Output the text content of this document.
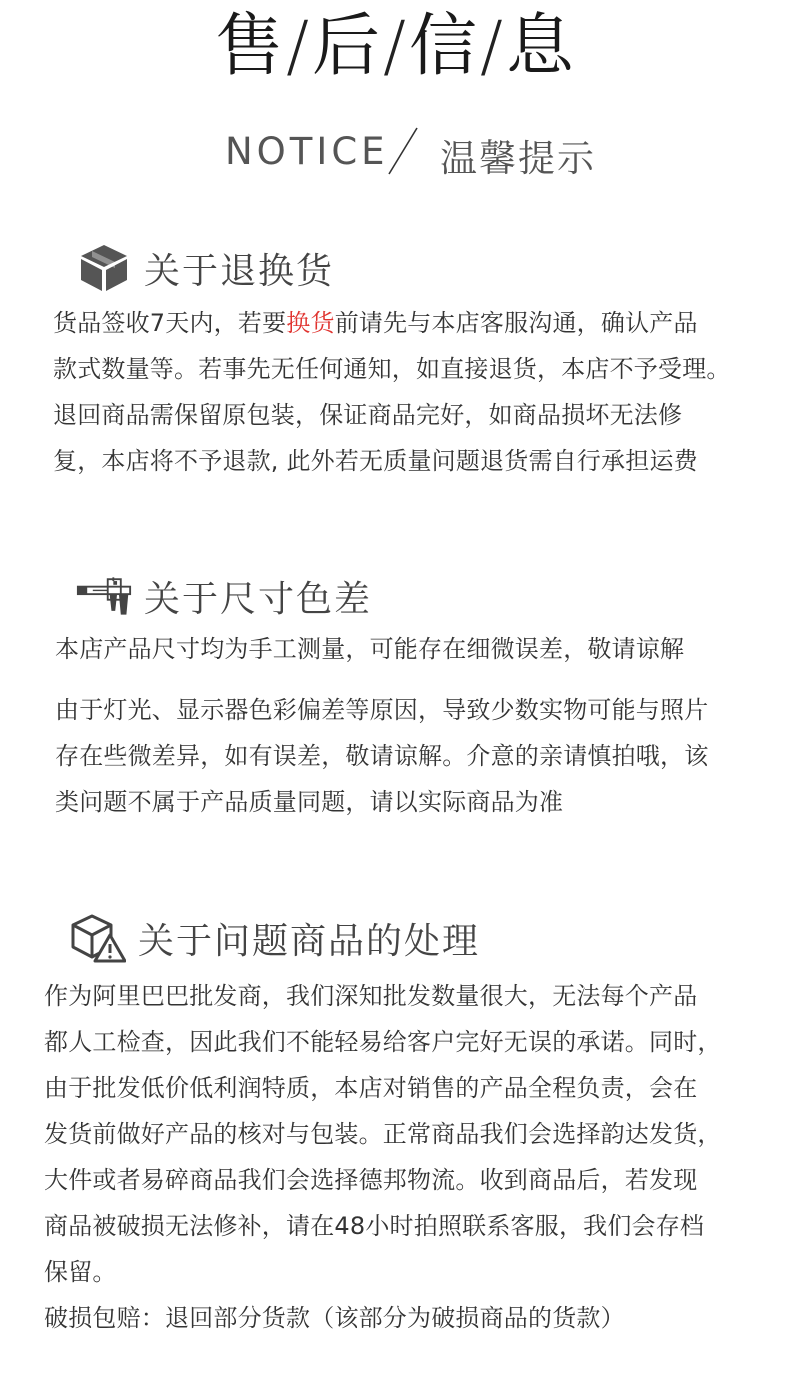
售/后/信/息
NOTICE 温馨提示
关于退换货
货品签收7天内，若要换货前请先与本店客服沟通，确认产品
款式数量等。若事先无任何通知，如直接退货，本店不予受理。
退回商品需保留原包装，保证商品完好，如商品损坏无法修
复，本店将不予退款, 此外若无质量问题退货需自行承担运费
关于尺寸色差
本店产品尺寸均为手工测量，可能存在细微误差，敬请谅解
由于灯光、显示器色彩偏差等原因，导致少数实物可能与照片
存在些微差异，如有误差，敬请谅解。介意的亲请慎拍哦，该
类问题不属于产品质量同题，请以实际商品为准
关于问题商品的处理
作为阿里巴巴批发商，我们深知批发数量很大，无法每个产品
都人工检查，因此我们不能轻易给客户完好无误的承诺。同时，
由于批发低价低利润特质，本店对销售的产品全程负责，会在
发货前做好产品的核对与包装。正常商品我们会选择韵达发货，
大件或者易碎商品我们会选择德邦物流。收到商品后，若发现
商品被破损无法修补，请在48小时拍照联系客服，我们会存档
保留。
破损包赔：退回部分货款（该部分为破损商品的货款）
